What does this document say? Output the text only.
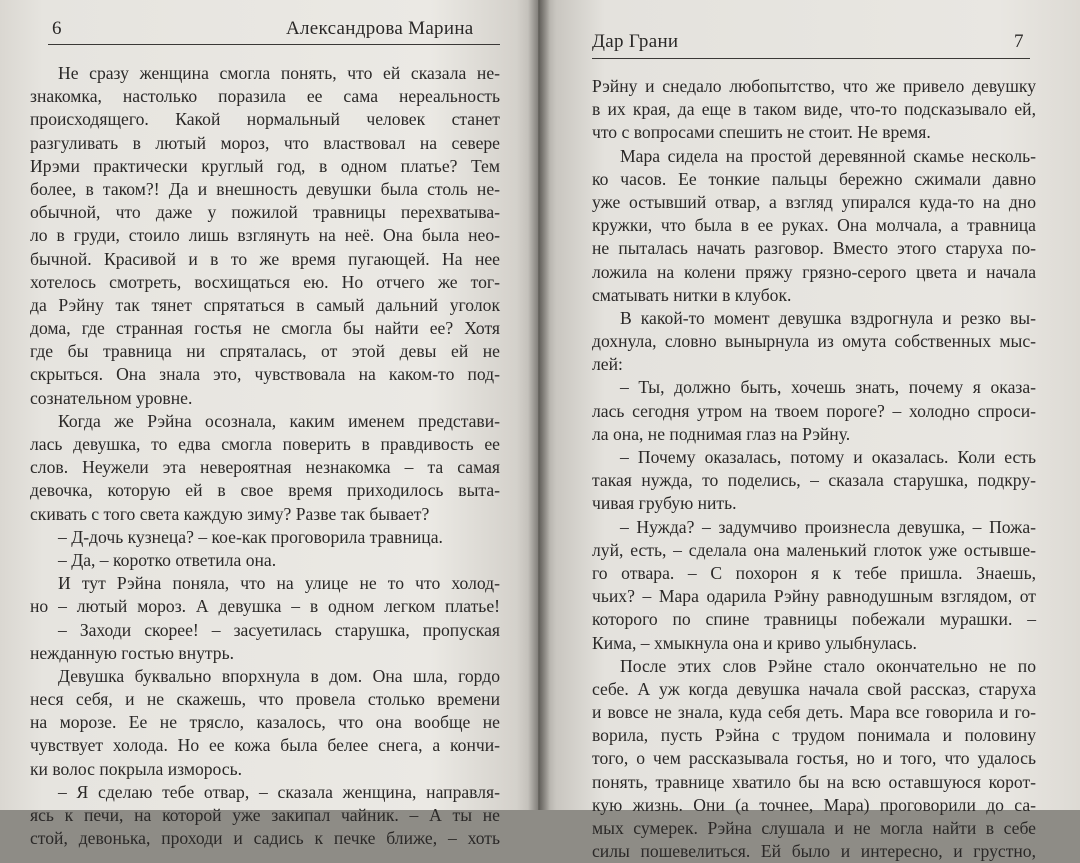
6	Александрова Марина
Не сразу женщина смогла понять, что ей сказала не-
знакомка, настолько поразила ее сама нереальность
происходящего. Какой нормальный человек станет
разгуливать в лютый мороз, что властвовал на севере
Ирэми практически круглый год, в одном платье? Тем
более, в таком?! Да и внешность девушки была столь не-
обычной, что даже у пожилой травницы перехватыва-
ло в груди, стоило лишь взглянуть на неё. Она была нео-
бычной. Красивой и в то же время пугающей. На нее
хотелось смотреть, восхищаться ею. Но отчего же тог-
да Рэйну так тянет спрятаться в самый дальний уголок
дома, где странная гостья не смогла бы найти ее? Хотя
где бы травница ни спряталась, от этой девы ей не
скрыться. Она знала это, чувствовала на каком-то под-
сознательном уровне.
Когда же Рэйна осознала, каким именем представи-
лась девушка, то едва смогла поверить в правдивость ее
слов. Неужели эта невероятная незнакомка – та самая
девочка, которую ей в свое время приходилось выта-
скивать с того света каждую зиму? Разве так бывает?
– Д-дочь кузнеца? – кое-как проговорила травница.
– Да, – коротко ответила она.
И тут Рэйна поняла, что на улице не то что холод-
но – лютый мороз. А девушка – в одном легком платье!
– Заходи скорее! – засуетилась старушка, пропуская
нежданную гостью внутрь.
Девушка буквально впорхнула в дом. Она шла, гордо
неся себя, и не скажешь, что провела столько времени
на морозе. Ее не трясло, казалось, что она вообще не
чувствует холода. Но ее кожа была белее снега, а кончи-
ки волос покрыла изморось.
– Я сделаю тебе отвар, – сказала женщина, направля-
ясь к печи, на которой уже закипал чайник. – А ты не
стой, девонька, проходи и садись к печке ближе, – хоть
Дар Грани	7
Рэйну и снедало любопытство, что же привело девушку
в их края, да еще в таком виде, что-то подсказывало ей,
что с вопросами спешить не стоит. Не время.
Мара сидела на простой деревянной скамье несколь-
ко часов. Ее тонкие пальцы бережно сжимали давно
уже остывший отвар, а взгляд упирался куда-то на дно
кружки, что была в ее руках. Она молчала, а травница
не пыталась начать разговор. Вместо этого старуха по-
ложила на колени пряжу грязно-серого цвета и начала
сматывать нитки в клубок.
В какой-то момент девушка вздрогнула и резко вы-
дохнула, словно вынырнула из омута собственных мыс-
лей:
– Ты, должно быть, хочешь знать, почему я оказа-
лась сегодня утром на твоем пороге? – холодно спроси-
ла она, не поднимая глаз на Рэйну.
– Почему оказалась, потому и оказалась. Коли есть
такая нужда, то поделись, – сказала старушка, подкру-
чивая грубую нить.
– Нужда? – задумчиво произнесла девушка, – Пожа-
луй, есть, – сделала она маленький глоток уже остывше-
го отвара. – С похорон я к тебе пришла. Знаешь,
чьих? – Мара одарила Рэйну равнодушным взглядом, от
которого по спине травницы побежали мурашки. –
Кима, – хмыкнула она и криво улыбнулась.
После этих слов Рэйне стало окончательно не по
себе. А уж когда девушка начала свой рассказ, старуха
и вовсе не знала, куда себя деть. Мара все говорила и го-
ворила, пусть Рэйна с трудом понимала и половину
того, о чем рассказывала гостья, но и того, что удалось
понять, травнице хватило бы на всю оставшуюся корот-
кую жизнь. Они (а точнее, Мара) проговорили до са-
мых сумерек. Рэйна слушала и не могла найти в себе
силы пошевелиться. Ей было и интересно, и грустно,
